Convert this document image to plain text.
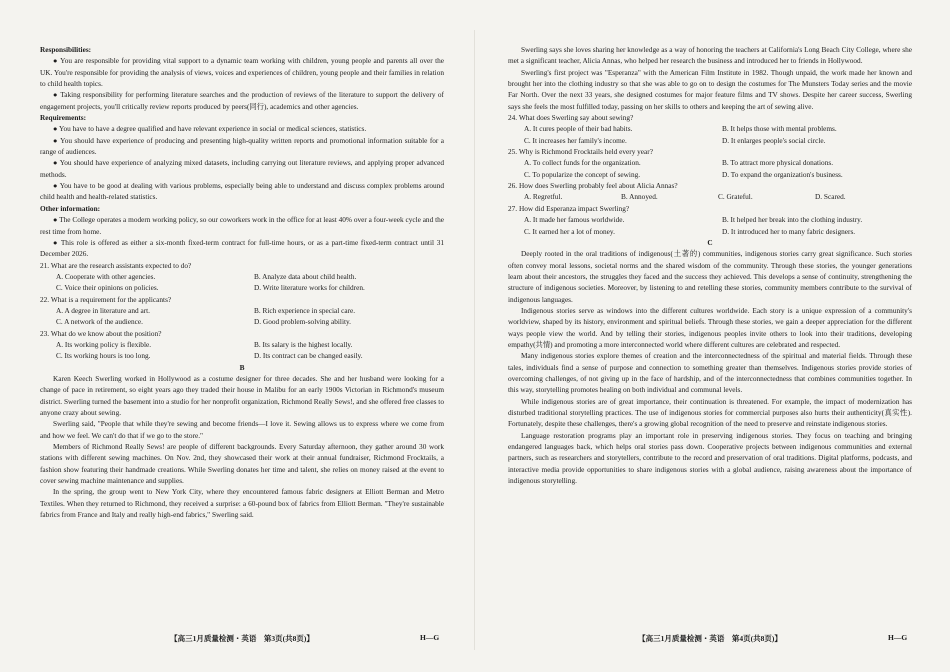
Responsibilities:

● You are responsible for providing vital support to a dynamic team working with children, young people and parents all over the UK. You're responsible for providing the analysis of views, voices and experiences of children, young people and their families in relation to child health topics.

● Taking responsibility for performing literature searches and the production of reviews of the literature to support the delivery of engagement projects, you'll critically review reports produced by peers(同行), academics and other agencies.

Requirements:

● You have to have a degree qualified and have relevant experience in social or medical sciences, statistics.

● You should have experience of producing and presenting high-quality written reports and promotional information suitable for a range of audiences.

● You should have experience of analyzing mixed datasets, including carrying out literature reviews, and applying proper advanced methods.

● You have to be good at dealing with various problems, especially being able to understand and discuss complex problems around child health and health-related statistics.

Other information:

● The College operates a modern working policy, so our coworkers work in the office for at least 40% over a four-week cycle and the rest time from home.

● This role is offered as either a six-month fixed-term contract for full-time hours, or as a part-time fixed-term contract until 31 December 2026.

21. What are the research assistants expected to do?

A. Cooperate with other agencies.	B. Analyze data about child health.
C. Voice their opinions on policies.	D. Write literature works for children.

22. What is a requirement for the applicants?

A. A degree in literature and art.	B. Rich experience in special care.
C. A network of the audience.	D. Good problem-solving ability.

23. What do we know about the position?

A. Its working policy is flexible.	B. Its salary is the highest locally.
C. Its working hours is too long.	D. Its contract can be changed easily.

B

Karen Keech Swerling worked in Hollywood as a costume designer for three decades. She and her husband were looking for a change of pace in retirement, so eight years ago they traded their house in Malibu for an early 1900s Victorian in Richmond's museum district. Swerling turned the basement into a studio for her nonprofit organization, Richmond Really Sews!, and she offered free classes to anyone crazy about sewing.

Swerling said, "People that while they're sewing and become friends—I love it. Sewing allows us to express where we come from and how we feel. We can't do that if we go to the store."

Members of Richmond Really Sews! are people of different backgrounds. Every Saturday afternoon, they gather around 30 work stations with different sewing machines. On Nov. 2nd, they showcased their work at their annual fundraiser, Richmond Frocktails, a fashion show featuring their handmade creations. While Swerling donates her time and talent, she relies on money raised at the event to cover sewing machine maintenance and supplies.

In the spring, the group went to New York City, where they encountered famous fabric designers at Elliott Berman and Metro Textiles. When they returned to Richmond, they received a surprise: a 60-pound box of fabrics from Elliott Berman. "They're sustainable fabrics from France and Italy and really high-end fabrics," Swerling said.

Swerling says she loves sharing her knowledge as a way of honoring the teachers at California's Long Beach City College, where she met a significant teacher, Alicia Annas, who helped her research the business and introduced her to friends in Hollywood.

Swerling's first project was "Esperanza" with the American Film Institute in 1982. Though unpaid, the work made her known and brought her into the clothing industry so that she was able to go on to design the costumes for The Munsters Today series and the movie Far North. Over the next 33 years, she designed costumes for major feature films and TV shows. Despite her career success, Swerling says she feels the most fulfilled today, passing on her skills to others and keeping the art of sewing alive.

24. What does Swerling say about sewing?

A. It cures people of their bad habits.	B. It helps those with mental problems.
C. It increases her family's income.	D. It enlarges people's social circle.

25. Why is Richmond Frocktails held every year?

A. To collect funds for the organization.	B. To attract more physical donations.
C. To popularize the concept of sewing.	D. To expand the organization's business.

26. How does Swerling probably feel about Alicia Annas?

A. Regretful.	B. Annoyed.	C. Grateful.	D. Scared.

27. How did Esperanza impact Swerling?

A. It made her famous worldwide.	B. It helped her break into the clothing industry.
C. It earned her a lot of money.	D. It introduced her to many fabric designers.

C

Deeply rooted in the oral traditions of indigenous(土著的) communities, indigenous stories carry great significance. Such stories often convey moral lessons, societal norms and the shared wisdom of the community. Through these stories, the younger generations learn about their ancestors, the struggles they faced and the success they achieved. This develops a sense of continuity, strengthening the structure of indigenous societies. Moreover, by listening to and retelling these stories, community members contribute to the survival of indigenous languages.

Indigenous stories serve as windows into the different cultures worldwide. Each story is a unique expression of a community's worldview, shaped by its history, environment and spiritual beliefs. Through these stories, we gain a deeper appreciation for the different ways people view the world. And by telling their stories, indigenous peoples invite others to look into their traditions, developing empathy(共情) and promoting a more interconnected world where different cultures are celebrated and respected.

Many indigenous stories explore themes of creation and the interconnectedness of the spiritual and material fields. Through these tales, individuals find a sense of purpose and connection to something greater than themselves. Indigenous stories provide stories of overcoming challenges, of not giving up in the face of hardship, and of the interconnectedness that combines communities together. In this way, storytelling promotes healing on both individual and communal levels.

While indigenous stories are of great importance, their continuation is threatened. For example, the impact of modernization has disturbed traditional storytelling practices. The use of indigenous stories for commercial purposes also hurts their authenticity(真实性). Fortunately, despite these challenges, there's a growing global recognition of the need to preserve and reinstate indigenous stories.

Language restoration programs play an important role in preserving indigenous stories. They focus on teaching and bringing endangered languages back, which helps oral stories pass down. Cooperative projects between indigenous communities and external partners, such as researchers and storytellers, contribute to the record and preservation of oral traditions. Digital platforms, podcasts, and interactive media provide opportunities to share indigenous stories with a global audience, raising awareness about the importance of indigenous storytelling.

【高三1月质量检测・英语　第3页(共8页)】	H—G	【高三1月质量检测・英语　第4页(共8页)】	H—G
